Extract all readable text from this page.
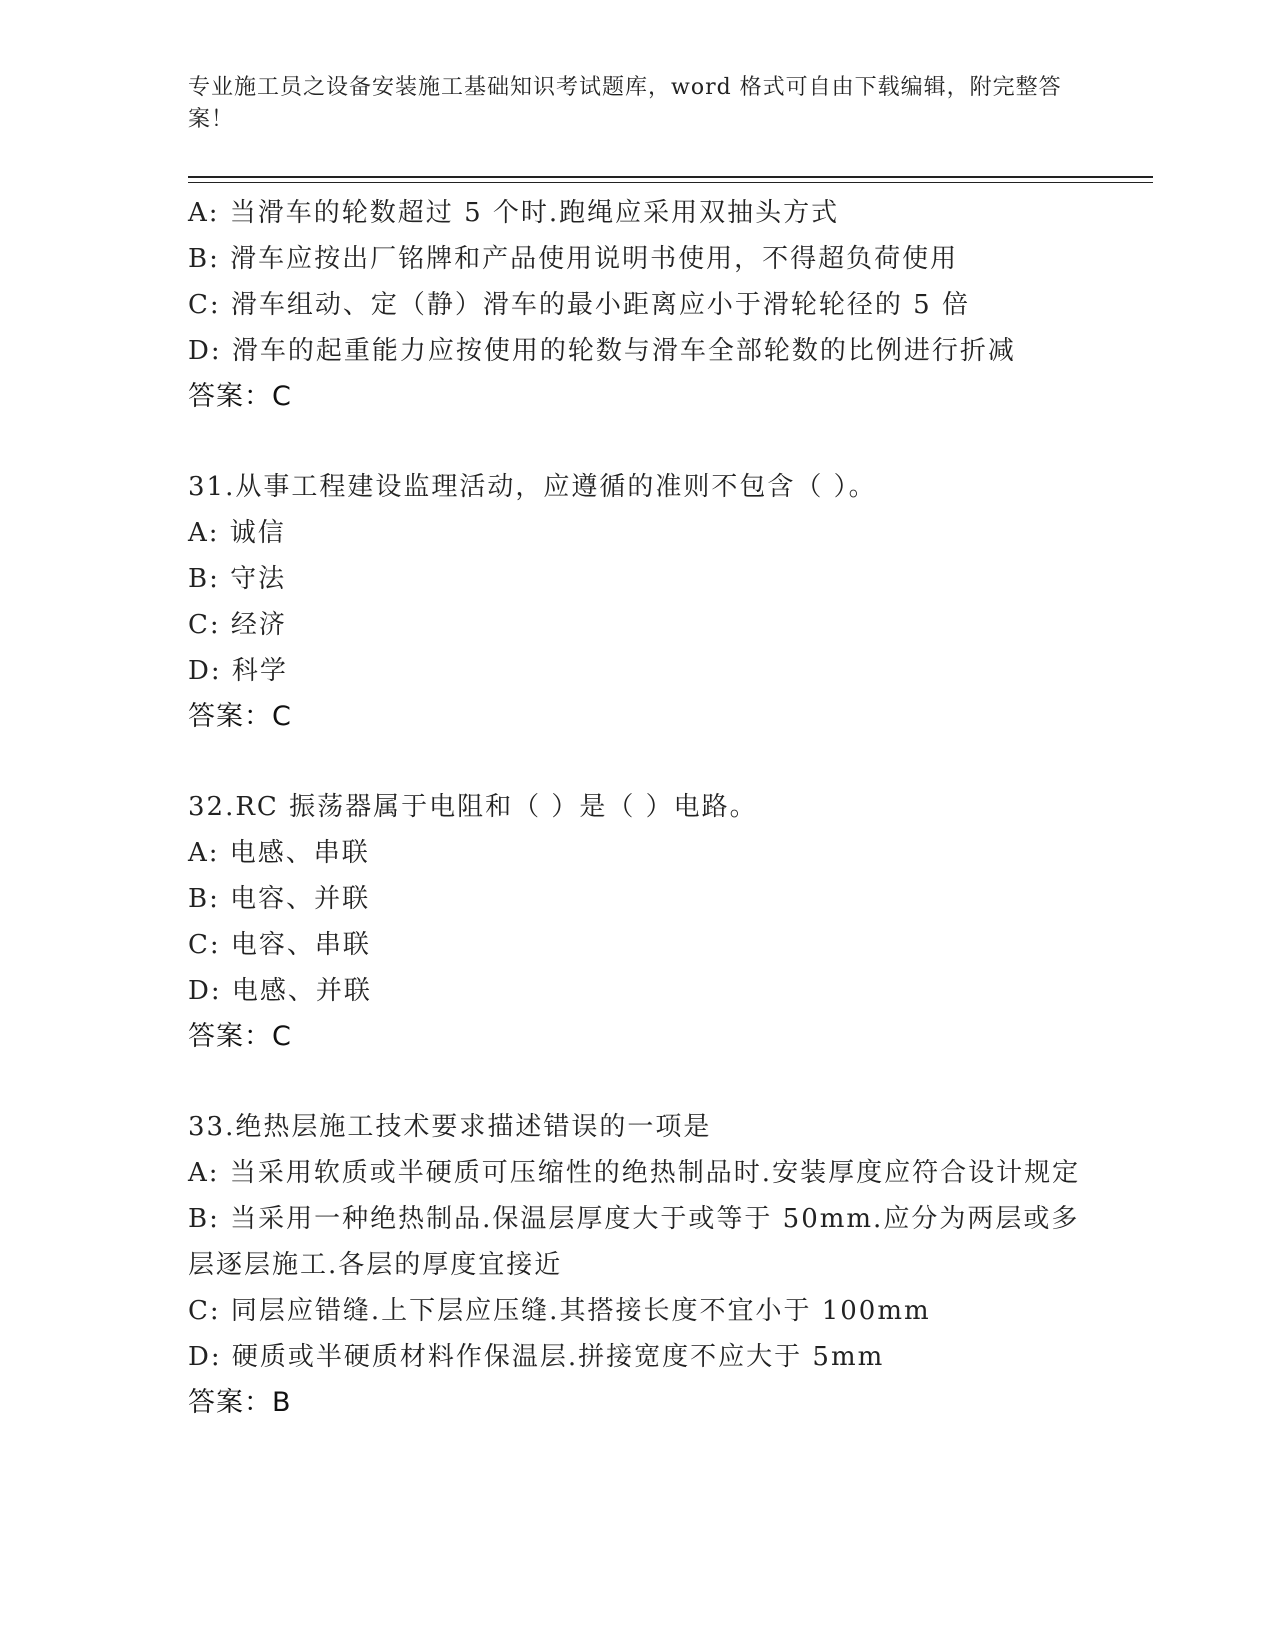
专业施工员之设备安装施工基础知识考试题库，word 格式可自由下载编辑，附完整答案！
A: 当滑车的轮数超过 5 个时.跑绳应采用双抽头方式
B: 滑车应按出厂铭牌和产品使用说明书使用，不得超负荷使用
C: 滑车组动、定（静）滑车的最小距离应小于滑轮轮径的 5 倍
D: 滑车的起重能力应按使用的轮数与滑车全部轮数的比例进行折减
答案：C
31.从事工程建设监理活动，应遵循的准则不包含（ ）。
A: 诚信
B: 守法
C: 经济
D: 科学
答案：C
32.RC 振荡器属于电阻和（ ）是（ ）电路。
A: 电感、串联
B: 电容、并联
C: 电容、串联
D: 电感、并联
答案：C
33.绝热层施工技术要求描述错误的一项是
A: 当采用软质或半硬质可压缩性的绝热制品时.安装厚度应符合设计规定
B: 当采用一种绝热制品.保温层厚度大于或等于 50mm.应分为两层或多层逐层施工.各层的厚度宜接近
C: 同层应错缝.上下层应压缝.其搭接长度不宜小于 100mm
D: 硬质或半硬质材料作保温层.拼接宽度不应大于 5mm
答案：B
